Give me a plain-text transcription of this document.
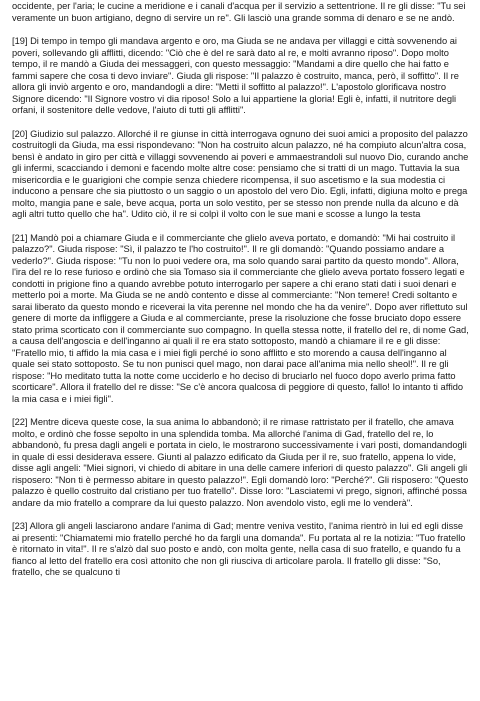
occidente, per l'aria; le cucine a meridione e i canali d'acqua per il servizio a settentrione. Il re gli disse: "Tu sei veramente un buon artigiano, degno di servire un re". Gli lasciò una grande somma di denaro e se ne andò.

[19] Di tempo in tempo gli mandava argento e oro, ma Giuda se ne andava per villaggi e città sovvenendo ai poveri, sollevando gli afflitti, dicendo: "Ciò che è del re sarà dato al re, e molti avranno riposo". Dopo molto tempo, il re mandò a Giuda dei messaggeri, con questo messaggio: "Mandami a dire quello che hai fatto e fammi sapere che cosa ti devo inviare". Giuda gli rispose: "Il palazzo è costruito, manca, però, il soffitto". Il re allora gli inviò argento e oro, mandandogli a dire: "Metti il soffitto al palazzo!". L'apostolo glorificava nostro Signore dicendo: "Il Signore vostro vi dia riposo! Solo a lui appartiene la gloria! Egli è, infatti, il nutritore degli orfani, il sostenitore delle vedove, l'aiuto di tutti gli afflitti".

[20] Giudizio sul palazzo. Allorché il re giunse in città interrogava ognuno dei suoi amici a proposito del palazzo costruitogli da Giuda, ma essi rispondevano: "Non ha costruito alcun palazzo, né ha compiuto alcun'altra cosa, bensì è andato in giro per città e villaggi sovvenendo ai poveri e ammaestrandoli sul nuovo Dio, curando anche gli infermi, scacciando i demoni e facendo molte altre cose: pensiamo che si tratti di un mago. Tuttavia la sua misericordia e le guarigioni che compie senza chiedere ricompensa, il suo ascetismo e la sua modestia ci inducono a pensare che sia piuttosto o un saggio o un apostolo del vero Dio. Egli, infatti, digiuna molto e prega molto, mangia pane e sale, beve acqua, porta un solo vestito, per se stesso non prende nulla da alcuno e dà agli altri tutto quello che ha". Udito ciò, il re si colpì il volto con le sue mani e scosse a lungo la testa

[21] Mandò poi a chiamare Giuda e il commerciante che glielo aveva portato, e domandò: "Mi hai costruito il palazzo?". Giuda rispose: "Sì, il palazzo te l'ho costruito!". Il re gli domandò: "Quando possiamo andare a vederlo?". Giuda rispose: "Tu non lo puoi vedere ora, ma solo quando sarai partito da questo mondo". Allora, l'ira del re lo rese furioso e ordinò che sia Tomaso sia il commerciante che glielo aveva portato fossero legati e condotti in prigione fino a quando avrebbe potuto interrogarlo per sapere a chi erano stati dati i suoi denari e metterlo poi a morte. Ma Giuda se ne andò contento e disse al commerciante: "Non temere! Credi soltanto e sarai liberato da questo mondo e riceverai la vita perenne nel mondo che ha da venire". Dopo aver riflettuto sul genere di morte da infliggere a Giuda e al commerciante, prese la risoluzione che fosse bruciato dopo essere stato prima scorticato con il commerciante suo compagno. In quella stessa notte, il fratello del re, di nome Gad, a causa dell'angoscia e dell'inganno ai quali il re era stato sottoposto, mandò a chiamare il re e gli disse: "Fratello mio, ti affido la mia casa e i miei figli perché io sono afflitto e sto morendo a causa dell'inganno al quale sei stato sottoposto. Se tu non punisci quel mago, non darai pace all'anima mia nello sheol!". Il re gli rispose: "Ho meditato tutta la notte come ucciderlo e ho deciso di bruciarlo nel fuoco dopo averlo prima fatto scorticare". Allora il fratello del re disse: "Se c'è ancora qualcosa di peggiore di questo, fallo! Io intanto ti affido la mia casa e i miei figli".

[22] Mentre diceva queste cose, la sua anima lo abbandonò; il re rimase rattristato per il fratello, che amava molto, e ordinò che fosse sepolto in una splendida tomba. Ma allorché l'anima di Gad, fratello del re, lo abbandonò, fu presa dagli angeli e portata in cielo, le mostrarono successivamente i vari posti, domandandogli in quale di essi desiderava essere. Giunti al palazzo edificato da Giuda per il re, suo fratello, appena lo vide, disse agli angeli: "Miei signori, vi chiedo di abitare in una delle camere inferiori di questo palazzo". Gli angeli gli risposero: "Non ti è permesso abitare in questo palazzo!". Egli domandò loro: "Perché?". Gli risposero: "Questo palazzo è quello costruito dal cristiano per tuo fratello". Disse loro: "Lasciatemi vi prego, signori, affinché possa andare da mio fratello a comprare da lui questo palazzo. Non avendolo visto, egli me lo venderà".

[23] Allora gli angeli lasciarono andare l'anima di Gad; mentre veniva vestito, l'anima rientrò in lui ed egli disse ai presenti: "Chiamatemi mio fratello perché ho da fargli una domanda". Fu portata al re la notizia: "Tuo fratello è ritornato in vita!". Il re s'alzò dal suo posto e andò, con molta gente, nella casa di suo fratello, e quando fu a fianco al letto del fratello era così attonito che non gli riusciva di articolare parola. Il fratello gli disse: "So, fratello, che se qualcuno ti
